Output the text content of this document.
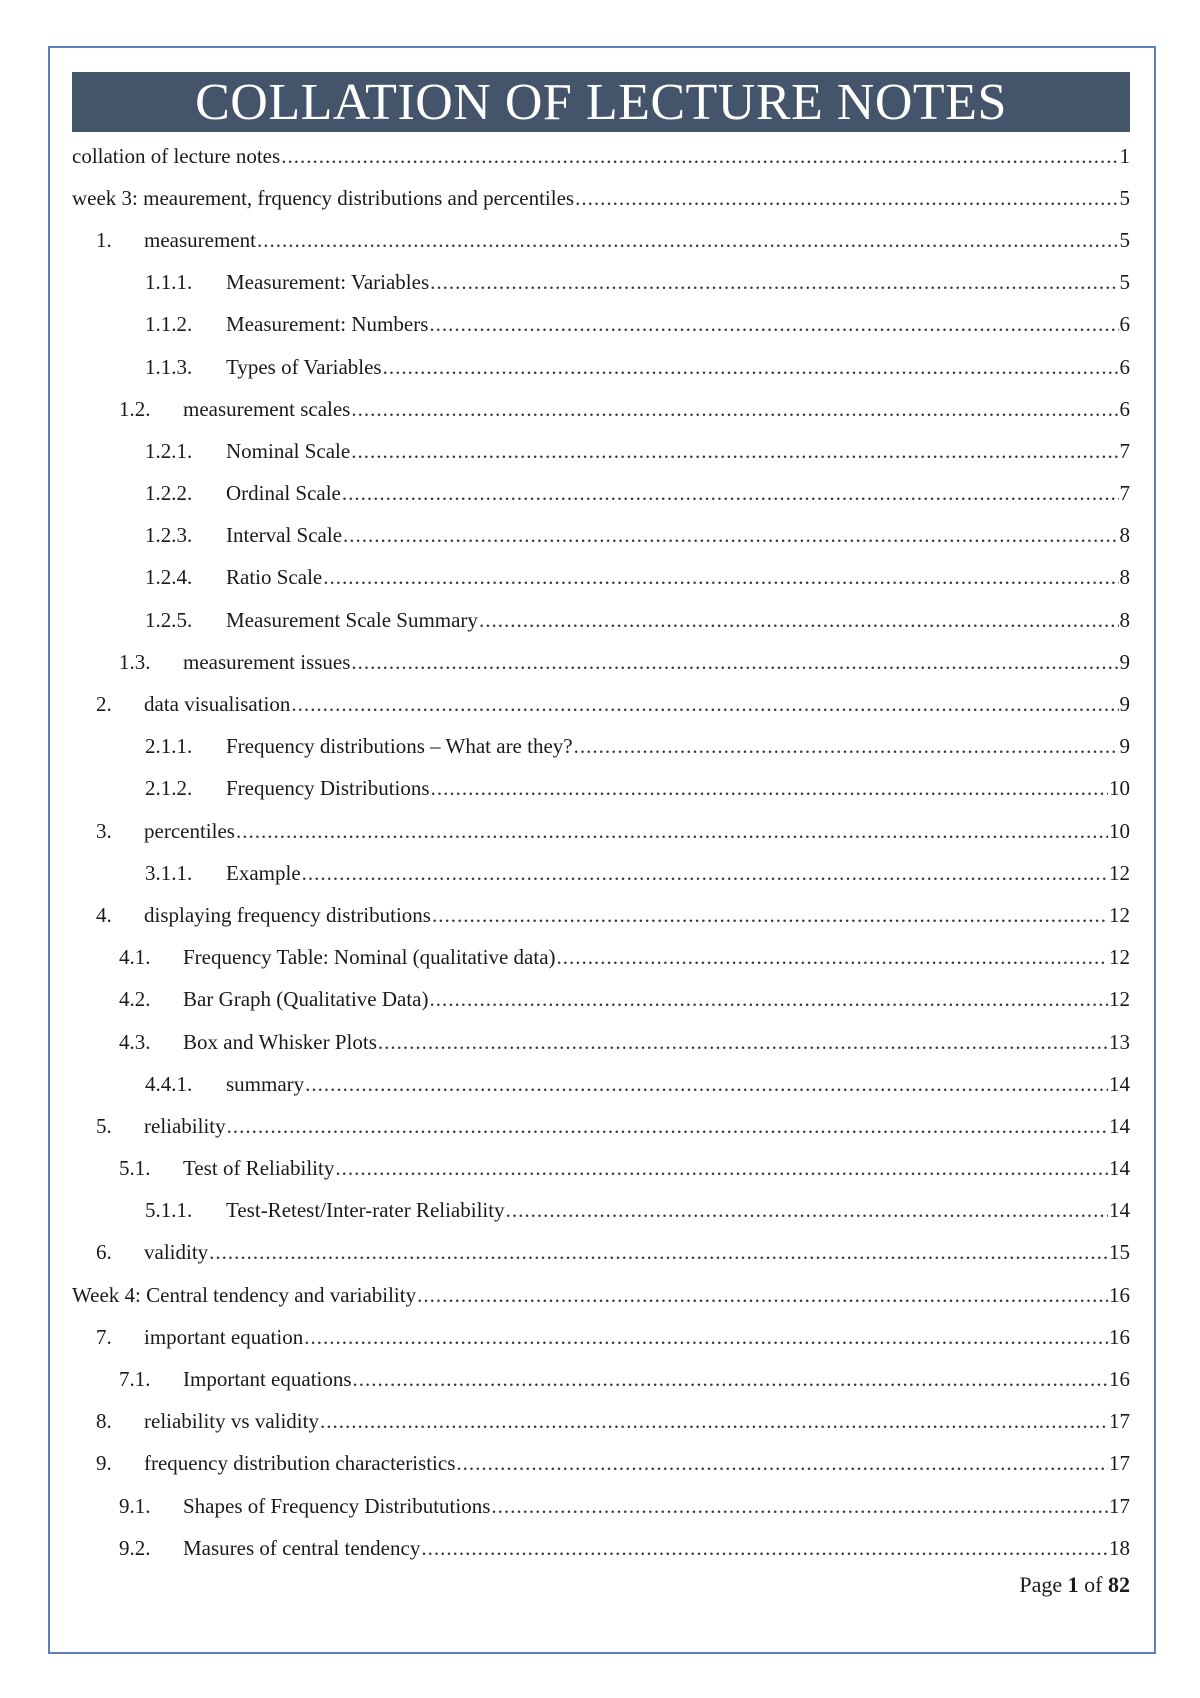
COLLATION OF LECTURE NOTES
collation of lecture notes .....	1
week 3: meaurement, frquency distributions and percentiles .....	5
1.	measurement .....	5
1.1.1.	Measurement: Variables .....	5
1.1.2.	Measurement: Numbers .....	6
1.1.3.	Types of Variables .....	6
1.2.	measurement scales .....	6
1.2.1.	Nominal Scale .....	7
1.2.2.	Ordinal Scale .....	7
1.2.3.	Interval Scale .....	8
1.2.4.	Ratio Scale .....	8
1.2.5.	Measurement Scale Summary .....	8
1.3.	measurement issues .....	9
2.	data visualisation .....	9
2.1.1.	Frequency distributions – What are they? .....	9
2.1.2.	Frequency Distributions .....	10
3.	percentiles .....	10
3.1.1.	Example .....	12
4.	displaying frequency distributions .....	12
4.1.	Frequency Table: Nominal (qualitative data) .....	12
4.2.	Bar Graph (Qualitative Data) .....	12
4.3.	Box and Whisker Plots .....	13
4.4.1.	summary .....	14
5.	reliability .....	14
5.1.	Test of Reliability .....	14
5.1.1.	Test-Retest/Inter-rater Reliability .....	14
6.	validity .....	15
Week 4: Central tendency and variability .....	16
7.	important equation .....	16
7.1.	Important equations .....	16
8.	reliability vs validity .....	17
9.	frequency distribution characteristics .....	17
9.1.	Shapes of Frequency Distribututions .....	17
9.2.	Masures of central tendency .....	18
Page 1 of 82
